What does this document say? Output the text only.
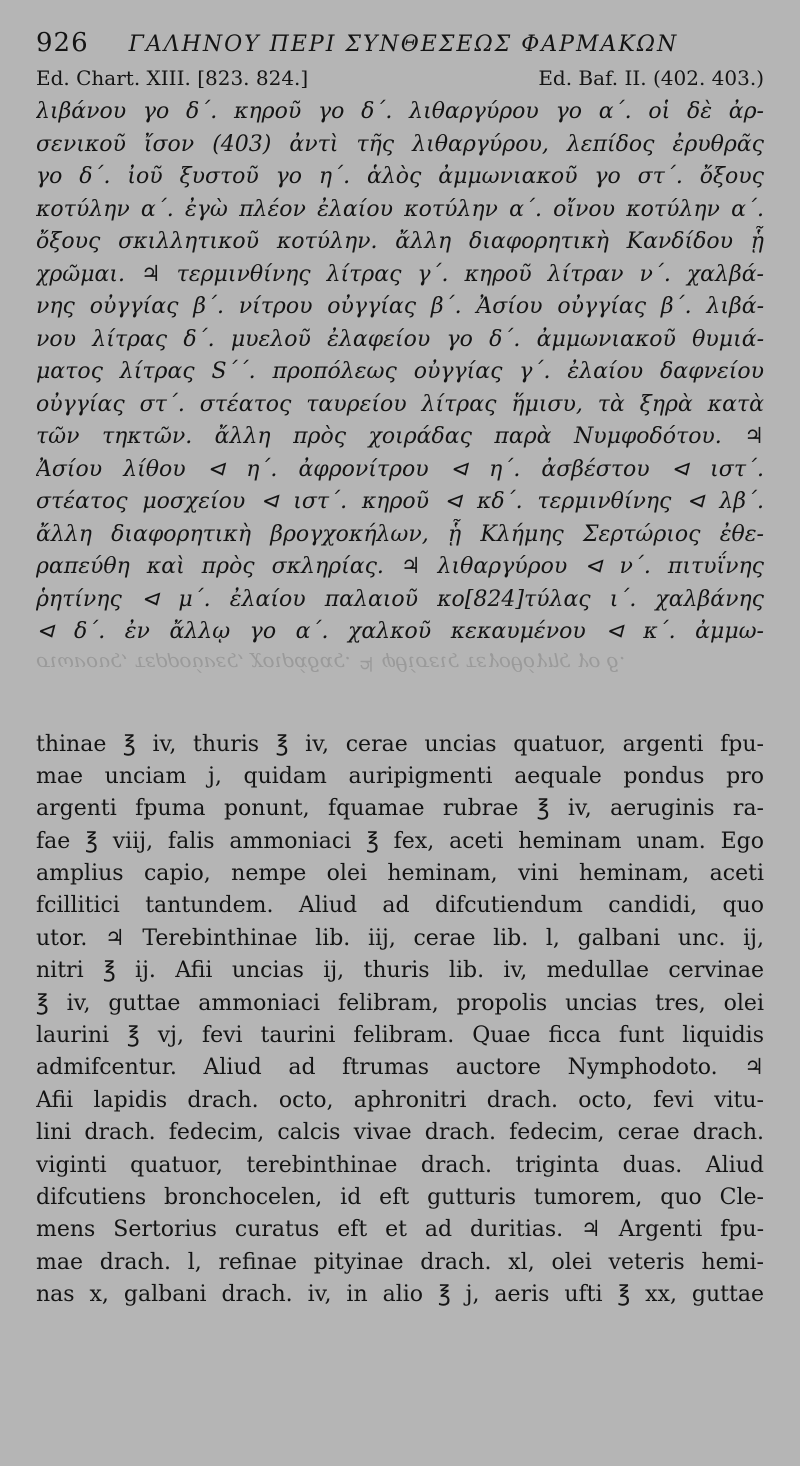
926 ΓΑΛΗΝΟΥ ΠΕΡΙ ΣΥΝΘΕΣΕΩΣ ΦΑΡΜΑΚΩΝ
Ed. Chart. XIII. [823. 824.]	Ed. Baf. II. (402. 403.)
λιβάνου γο δ΄. κηροῦ γο δ΄. λιθαργύρου γο α΄. οἱ δὲ ἀρ-
σενικοῦ ἴσον (403) ἀντὶ τῆς λιθαργύρου, λεπίδος ἐρυθρᾶς
γο δ΄. ἰοῦ ξυστοῦ γο η΄. ἁλὸς ἀμμωνιακοῦ γο στ΄. ὄξους
κοτύλην α΄. ἐγὼ πλέον ἐλαίου κοτύλην α΄. οἴνου κοτύλην α΄.
ὄξους σκιλλητικοῦ κοτύλην. ἄλλη διαφορητικὴ Κανδίδου ᾗ
χρῶμαι. ♃ τερμινθίνης λίτρας γ΄. κηροῦ λίτραν ν΄. χαλβά-
νης οὐγγίας β΄. νίτρου οὐγγίας β΄. Ἀσίου οὐγγίας β΄. λιβά-
νου λίτρας δ΄. μυελοῦ ἐλαφείου γο δ΄. ἀμμωνιακοῦ θυμιά-
ματος λίτρας S΄΄. προπόλεως οὐγγίας γ΄. ἐλαίου δαφνείου
οὐγγίας στ΄. στέατος ταυρείου λίτρας ἥμισυ, τὰ ξηρὰ κατὰ
τῶν τηκτῶν. ἄλλη πρὸς χοιράδας παρὰ Νυμφοδότου. ♃
Ἀσίου λίθου ⊲ η΄. ἀφρονίτρου ⊲ η΄. ἀσβέστου ⊲ ιστ΄.
στέατος μοσχείου ⊲ ιστ΄. κηροῦ ⊲ κδ΄. τερμινθίνης ⊲ λβ΄.
ἄλλη διαφορητικὴ βρογχοκήλων, ᾗ Κλήμης Σερτώριος ἐθε-
ραπεύθη καὶ πρὸς σκληρίας. ♃ λιθαργύρου ⊲ ν΄. πιτυΐνης
ῥητίνης ⊲ μ΄. ἐλαίου παλαιοῦ κο[824]τύλας ι΄. χαλβάνης
⊲ δ΄. ἐν ἄλλῳ γο α΄. χαλκοῦ κεκαυμένου ⊲ κ΄. ἀμμω-
σιωνους, τερρούνες, χοιράδας. ♃ φθίσεις τεγοθόγης γο δ.
thinae ℥ iv, thuris ℥ iv, cerae uncias quatuor, argenti fpu-
mae unciam j, quidam auripigmenti aequale pondus pro
argenti fpuma ponunt, fquamae rubrae ℥ iv, aeruginis ra-
fae ℥ viij, falis ammoniaci ℥ fex, aceti heminam unam. Ego
amplius capio, nempe olei heminam, vini heminam, aceti
fcillitici tantundem. Aliud ad difcutiendum candidi, quo
utor. ♃ Terebinthinae lib. iij, cerae lib. l, galbani unc. ij,
nitri ℥ ij. Afii uncias ij, thuris lib. iv, medullae cervinae
℥ iv, guttae ammoniaci felibram, propolis uncias tres, olei
laurini ℥ vj, fevi taurini felibram. Quae ficca funt liquidis
admifcentur. Aliud ad ftrumas auctore Nymphodoto. ♃
Afii lapidis drach. octo, aphronitri drach. octo, fevi vitu-
lini drach. fedecim, calcis vivae drach. fedecim, cerae drach.
viginti quatuor, terebinthinae drach. triginta duas. Aliud
difcutiens bronchocelen, id eft gutturis tumorem, quo Cle-
mens Sertorius curatus eft et ad duritias. ♃ Argenti fpu-
mae drach. l, refinae pityinae drach. xl, olei veteris hemi-
nas x, galbani drach. iv, in alio ℥ j, aeris ufti ℥ xx, guttae
